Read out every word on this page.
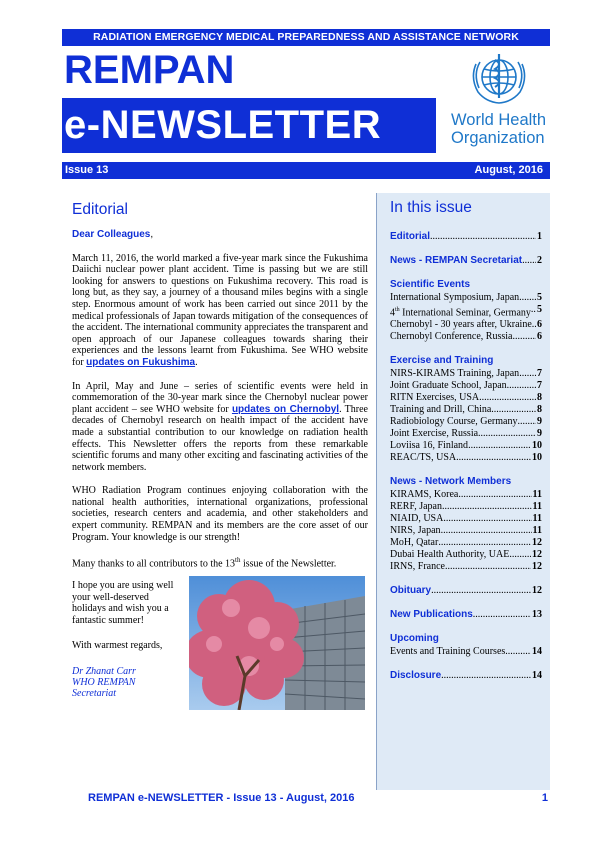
RADIATION EMERGENCY MEDICAL PREPAREDNESS AND ASSISTANCE NETWORK
REMPAN
e-NEWSLETTER	World Health
Organization
Issue 13	August, 2016
Editorial
Dear Colleagues,

March 11, 2016, the world marked a five-year mark since the Fukushima Daiichi nuclear power plant accident. Time is passing but we are still looking for answers to questions on Fukushima recovery. This road is long but, as they say, a journey of a thousand miles begins with a single step. Enormous amount of work has been carried out since 2011 by the medical professionals of Japan towards mitigation of the consequences of the accident. The international community appreciates the transparent and open approach of our Japanese colleagues towards sharing their experiences and the lessons learnt from Fukushima. See WHO website for updates on Fukushima.

In April, May and June – series of scientific events were held in commemoration of the 30-year mark since the Chernobyl nuclear power plant accident – see WHO website for updates on Chernobyl. Three decades of Chernobyl research on health impact of the accident have made a substantial contribution to our knowledge on radiation health effects. This Newsletter offers the reports from these remarkable scientific forums and many other exciting and fascinating activities of the network members.

WHO Radiation Program continues enjoying collaboration with the national health authorities, international organizations, professional societies, research centers and academia, and other stakeholders and expert community. REMPAN and its members are the core asset of our Program. Your knowledge is our strength!

Many thanks to all contributors to the 13th issue of the Newsletter.

I hope you are using well your well-deserved holidays and wish you a fantastic summer!
With warmest regards,
Dr Zhanat Carr
WHO REMPAN
Secretariat
In this issue
Editorial .....	1
News - REMPAN Secretariat ..... 2
Scientific Events
International Symposium, Japan ..... 5
4th International Seminar, Germany ..... 5
Chernobyl - 30 years after, Ukraine ..... 6
Chernobyl Conference, Russia ..... 6
Exercise and Training
NIRS-KIRAMS Training, Japan ..... 7
Joint Graduate School, Japan .....	7
RITN Exercises, USA .....	8
Training and Drill, China .....	8
Radiobiology Course, Germany ..... 9
Joint Exercise, Russia .....	9
Loviisa 16, Finland .....	10
REAC/TS, USA .....	10
News - Network Members
KIRAMS, Korea .....	11
RERF, Japan .....	11
NIAID, USA .....	11
NIRS, Japan .....	11
MoH, Qatar .....	12
Dubai Health Authority, UAE ..... 12
IRNS, France .....	12
Obituary .....	12
New Publications .....	13
Upcoming
Events and Training Courses .....	14
Disclosure .....	14
REMPAN e-NEWSLETTER - Issue 13 - August, 2016	1
